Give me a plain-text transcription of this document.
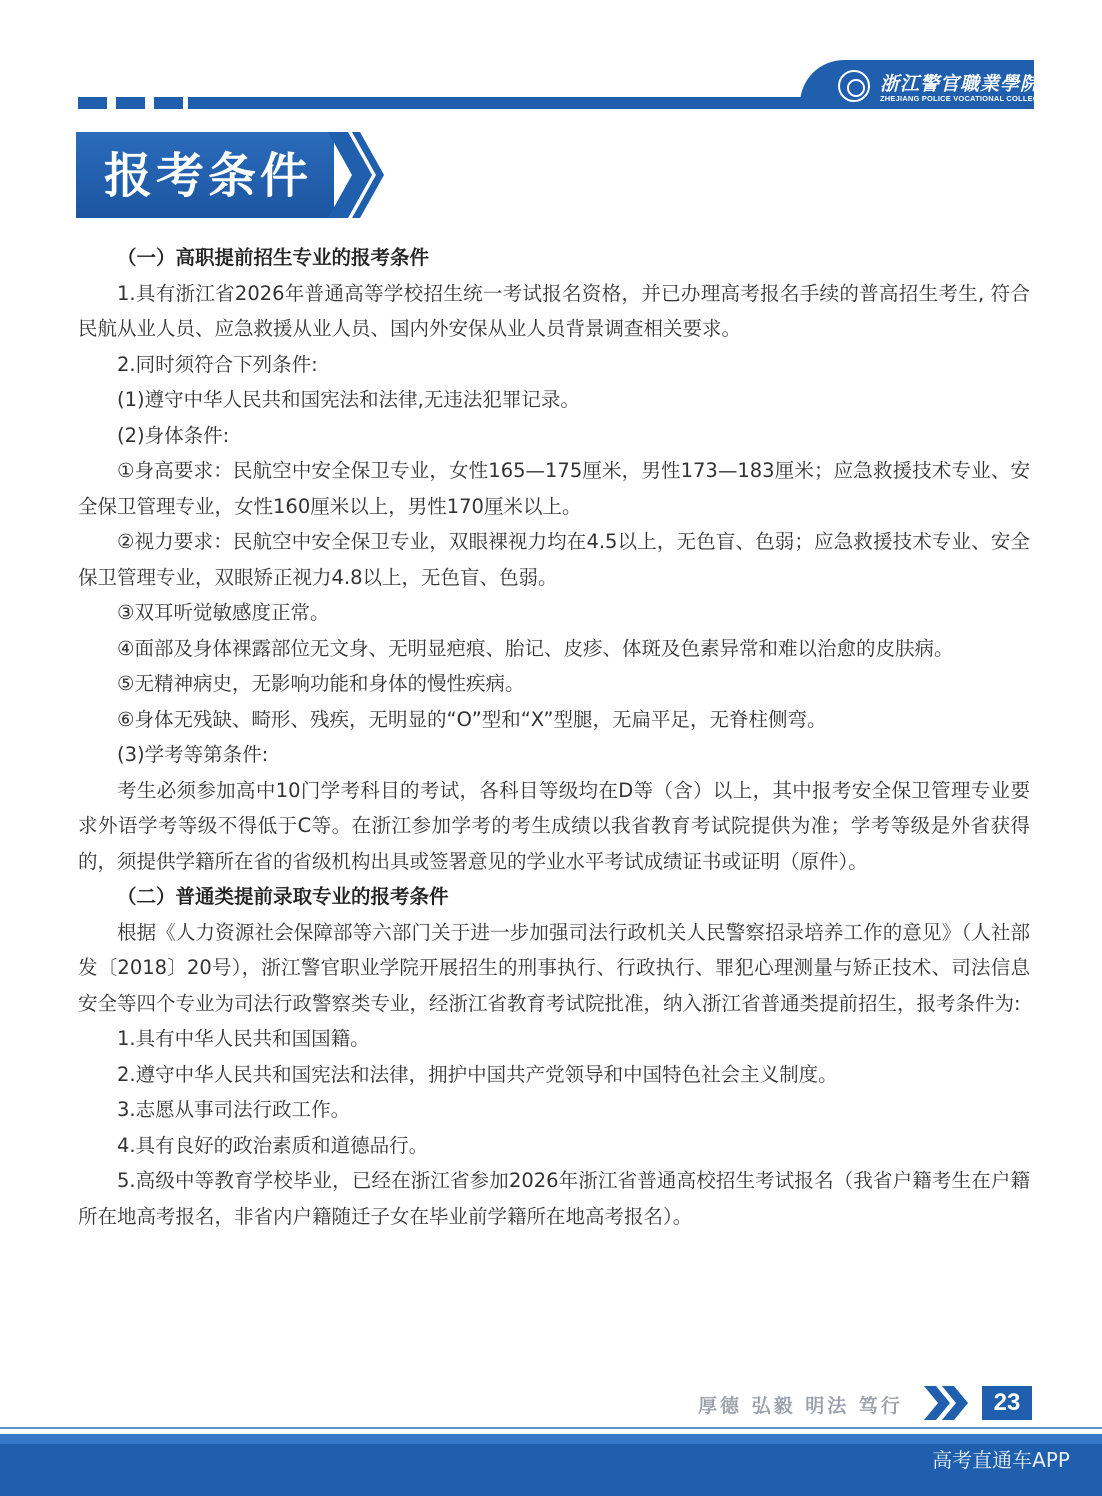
浙江警官職業學院
ZHEJIANG POLICE VOCATIONAL COLLEGE
报考条件

（一）高职提前招生专业的报考条件

1.具有浙江省2026年普通高等学校招生统一考试报名资格，并已办理高考报名手续的普高招生考生, 符合民航从业人员、应急救援从业人员、国内外安保从业人员背景调查相关要求。

2.同时须符合下列条件:

(1)遵守中华人民共和国宪法和法律,无违法犯罪记录。

(2)身体条件:

①身高要求：民航空中安全保卫专业，女性165—175厘米，男性173—183厘米；应急救援技术专业、安全保卫管理专业，女性160厘米以上，男性170厘米以上。

②视力要求：民航空中安全保卫专业，双眼裸视力均在4.5以上，无色盲、色弱；应急救援技术专业、安全保卫管理专业，双眼矫正视力4.8以上，无色盲、色弱。

③双耳听觉敏感度正常。

④面部及身体裸露部位无文身、无明显疤痕、胎记、皮疹、体斑及色素异常和难以治愈的皮肤病。

⑤无精神病史，无影响功能和身体的慢性疾病。

⑥身体无残缺、畸形、残疾，无明显的“O”型和“X”型腿，无扁平足，无脊柱侧弯。

(3)学考等第条件:

考生必须参加高中10门学考科目的考试，各科目等级均在D等（含）以上，其中报考安全保卫管理专业要求外语学考等级不得低于C等。在浙江参加学考的考生成绩以我省教育考试院提供为准；学考等级是外省获得的，须提供学籍所在省的省级机构出具或签署意见的学业水平考试成绩证书或证明（原件）。

（二）普通类提前录取专业的报考条件

根据《人力资源社会保障部等六部门关于进一步加强司法行政机关人民警察招录培养工作的意见》（人社部发〔2018〕20号），浙江警官职业学院开展招生的刑事执行、行政执行、罪犯心理测量与矫正技术、司法信息安全等四个专业为司法行政警察类专业，经浙江省教育考试院批准，纳入浙江省普通类提前招生，报考条件为:

1.具有中华人民共和国国籍。

2.遵守中华人民共和国宪法和法律，拥护中国共产党领导和中国特色社会主义制度。

3.志愿从事司法行政工作。

4.具有良好的政治素质和道德品行。

5.高级中等教育学校毕业，已经在浙江省参加2026年浙江省普通高校招生考试报名（我省户籍考生在户籍所在地高考报名，非省内户籍随迁子女在毕业前学籍所在地高考报名）。

厚德 弘毅 明法 笃行	23
高考直通车APP
